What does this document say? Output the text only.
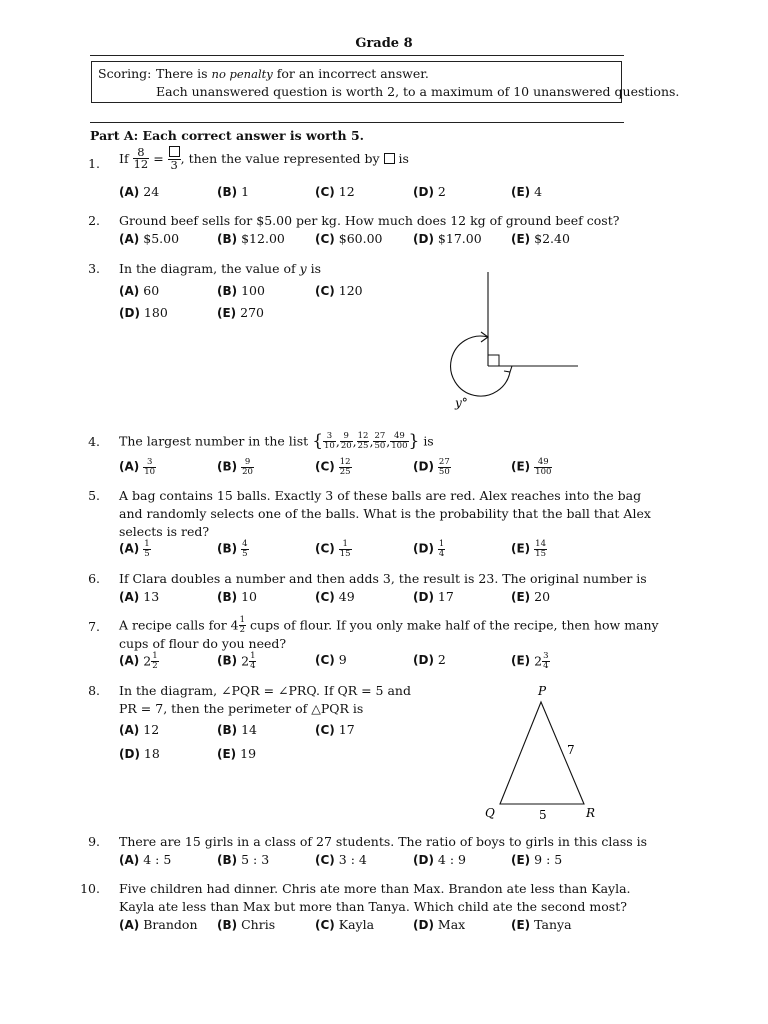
Grade 8
Scoring: There is no penalty for an incorrect answer.
Each unanswered question is worth 2, to a maximum of 10 unanswered questions.
Part A: Each correct answer is worth 5.
1. If $\frac{8}{12} = 3$ , then the value represented by is
(A) 24	(B) 1	(C) 12	(D) 2	(E) 4
2. Ground beef sells for $5.00 per kg. How much does 12 kg of ground beef cost?
(A) $5.00	(B) $12.00	(C) $60.00	(D) $17.00 (E) $2.40
3. In the diagram, the value of y is
(A) 60	(B) 100	(C) 120
(D) 180	(E) 270
y°
4. The largest number in the list { $\frac{3}{10}$ , $\frac{9}{20}$ , $\frac{12}{25}$ , $\frac{27}{50}$ , $\frac{49}{100}$ } is
$(A) \frac{3}{10}$	$(B) \frac{9}{20}$	$(C) \frac{12}{25}$	$(D) \frac{27}{50}$	$(E) \frac{49}{100}$
5. A bag contains 15 balls. Exactly 3 of these balls are red. Alex reaches into the bag
and randomly selects one of the balls. What is the probability that the ball that Alex
selects is red?
$(A) \frac{1}{5}$	$(B) \frac{4}{5}$	$(C) \frac{1}{15}$	$(D) \frac{1}{4}$	$(E) \frac{14}{15}$
6. If Clara doubles a number and then adds 3, the result is 23. The original number is
(A) 13	(B) 10	(C) 49	(D) 17	(E) 20
7. A recipe calls for $4 \frac{1}{2}$ cups of flour. If you only make half of the recipe, then how many
cups of flour do you need?
(A) $2 \frac{1}{2}$	(B) $2 \frac{1}{4}$	(C) 9	(D) 2	(E) $2 \frac{3}{4}$
8. In the diagram, ∠PQR = ∠PRQ. If QR = 5 and
PR = 7, then the perimeter of △PQR is
(A) 12	(B) 14	(C) 17
(D) 18	(E) 19
P
Q	R
7
5
9. There are 15 girls in a class of 27 students. The ratio of boys to girls in this class is
(A) 4 : 5	(B) 5 : 3	(C) 3 : 4	(D) 4 : 9	(E) 9 : 5
10. Five children had dinner. Chris ate more than Max. Brandon ate less than Kayla.
Kayla ate less than Max but more than Tanya. Which child ate the second most?
(A) Brandon (B) Chris	(C) Kayla	(D) Max	(E) Tanya
